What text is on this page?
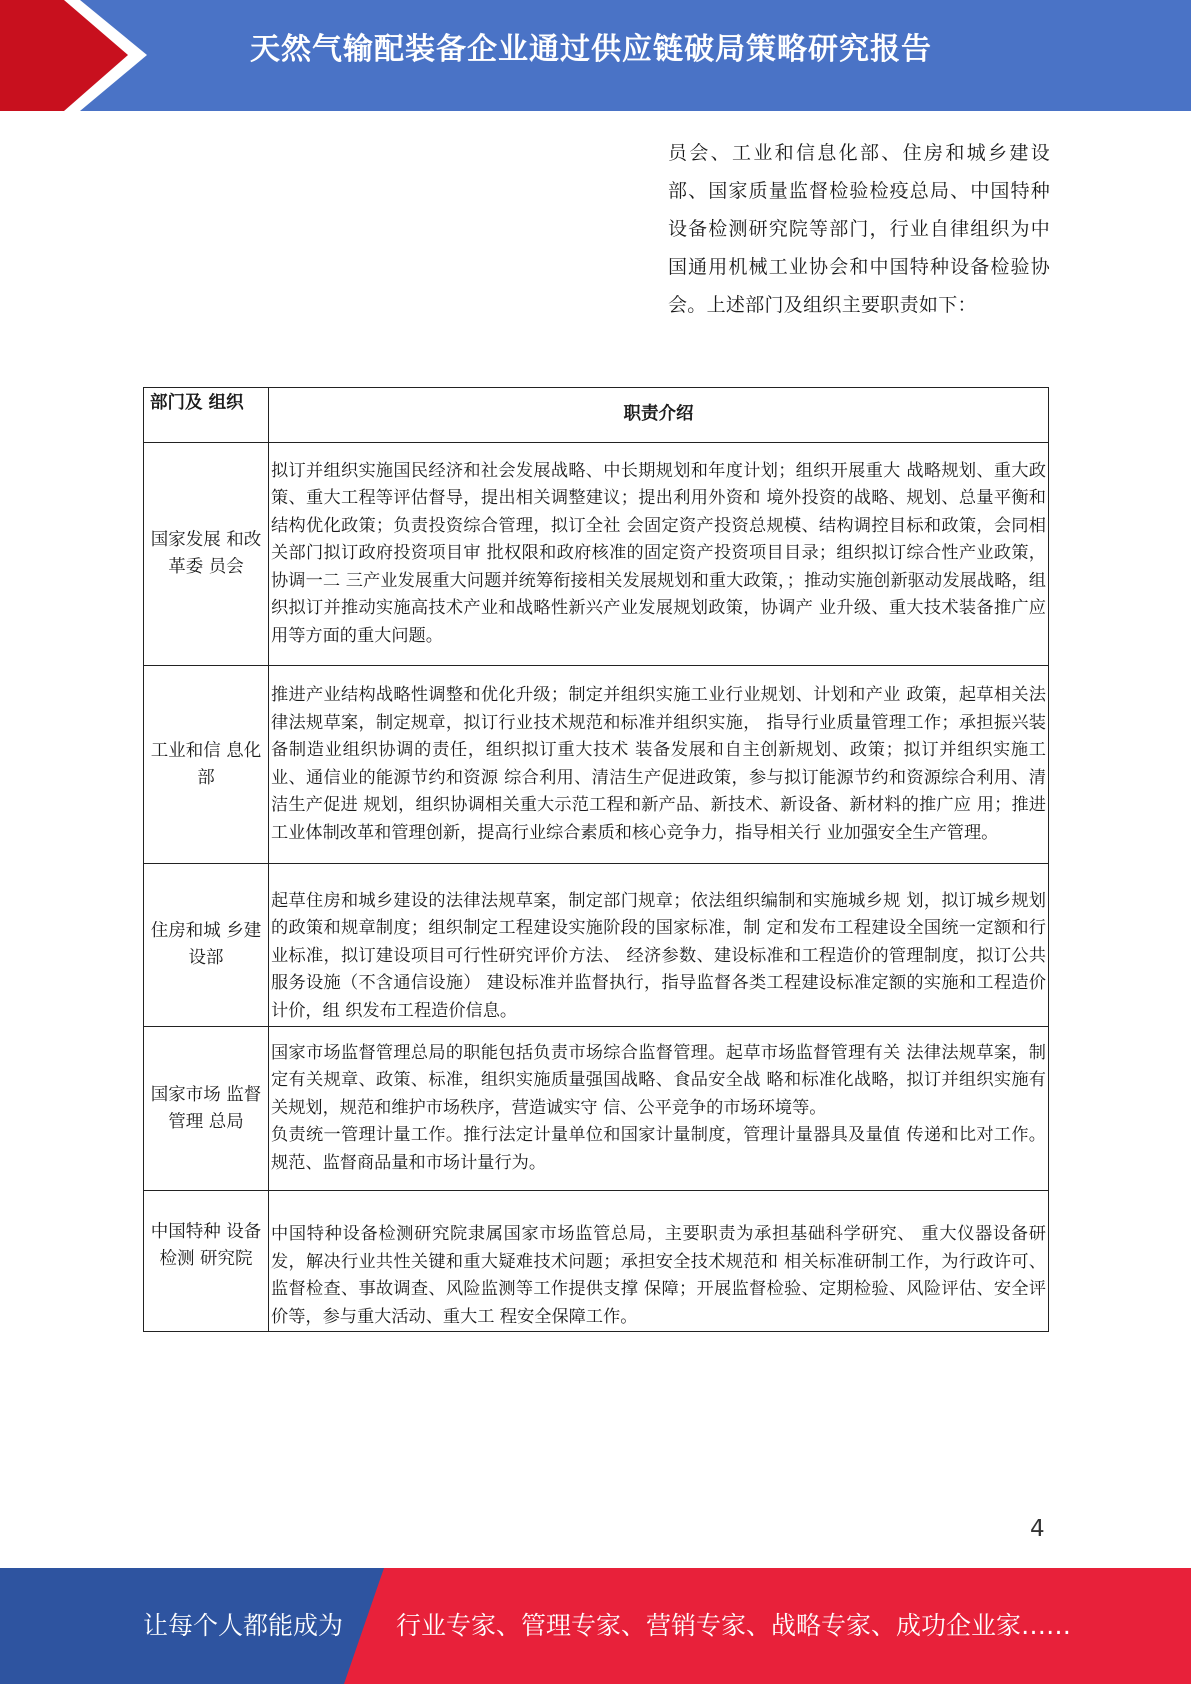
天然气输配装备企业通过供应链破局策略研究报告
员会、工业和信息化部、住房和城乡建设部、国家质量监督检验检疫总局、中国特种设备检测研究院等部门，行业自律组织为中国通用机械工业协会和中国特种设备检验协会。上述部门及组织主要职责如下：
部门及 组织	职责介绍
国家发展 和改革委 员会	拟订并组织实施国民经济和社会发展战略、中长期规划和年度计划；组织开展重大 战略规划、重大政策、重大工程等评估督导，提出相关调整建议；提出利用外资和 境外投资的战略、规划、总量平衡和结构优化政策；负责投资综合管理，拟订全社 会固定资产投资总规模、结构调控目标和政策，会同相关部门拟订政府投资项目审 批权限和政府核准的固定资产投资项目目录；组织拟订综合性产业政策，协调一二 三产业发展重大问题并统筹衔接相关发展规划和重大政策，；推动实施创新驱动发展战略，组织拟订并推动实施高技术产业和战略性新兴产业发展规划政策，协调产 业升级、重大技术装备推广应用等方面的重大问题。

工业和信 息化部	推进产业结构战略性调整和优化升级；制定并组织实施工业行业规划、计划和产业 政策，起草相关法律法规草案，制定规章，拟订行业技术规范和标准并组织实施， 指导行业质量管理工作；承担振兴装备制造业组织协调的责任，组织拟订重大技术 装备发展和自主创新规划、政策；拟订并组织实施工业、通信业的能源节约和资源 综合利用、清洁生产促进政策，参与拟订能源节约和资源综合利用、清洁生产促进 规划，组织协调相关重大示范工程和新产品、新技术、新设备、新材料的推广应 用；推进工业体制改革和管理创新，提高行业综合素质和核心竞争力，指导相关行 业加强安全生产管理。

住房和城 乡建设部	起草住房和城乡建设的法律法规草案，制定部门规章；依法组织编制和实施城乡规 划，拟订城乡规划的政策和规章制度；组织制定工程建设实施阶段的国家标准，制 定和发布工程建设全国统一定额和行业标准，拟订建设项目可行性研究评价方法、 经济参数、建设标准和工程造价的管理制度，拟订公共服务设施（不含通信设施） 建设标准并监督执行，指导监督各类工程建设标准定额的实施和工程造价计价，组 织发布工程造价信息。

国家市场 监督管理 总局	国家市场监督管理总局的职能包括负责市场综合监督管理。起草市场监督管理有关 法律法规草案，制定有关规章、政策、标准，组织实施质量强国战略、食品安全战 略和标准化战略，拟订并组织实施有关规划，规范和维护市场秩序，营造诚实守 信、公平竞争的市场环境等。

负责统一管理计量工作。推行法定计量单位和国家计量制度，管理计量器具及量值 传递和比对工作。规范、监督商品量和市场计量行为。

中国特种 设备检测 研究院	中国特种设备检测研究院隶属国家市场监管总局，主要职责为承担基础科学研究、 重大仪器设备研发，解决行业共性关键和重大疑难技术问题；承担安全技术规范和 相关标准研制工作，为行政许可、监督检查、事故调查、风险监测等工作提供支撑 保障；开展监督检验、定期检验、风险评估、安全评价等，参与重大活动、重大工 程安全保障工作。

4
让每个人都能成为 行业专家、管理专家、营销专家、战略专家、成功企业家……
